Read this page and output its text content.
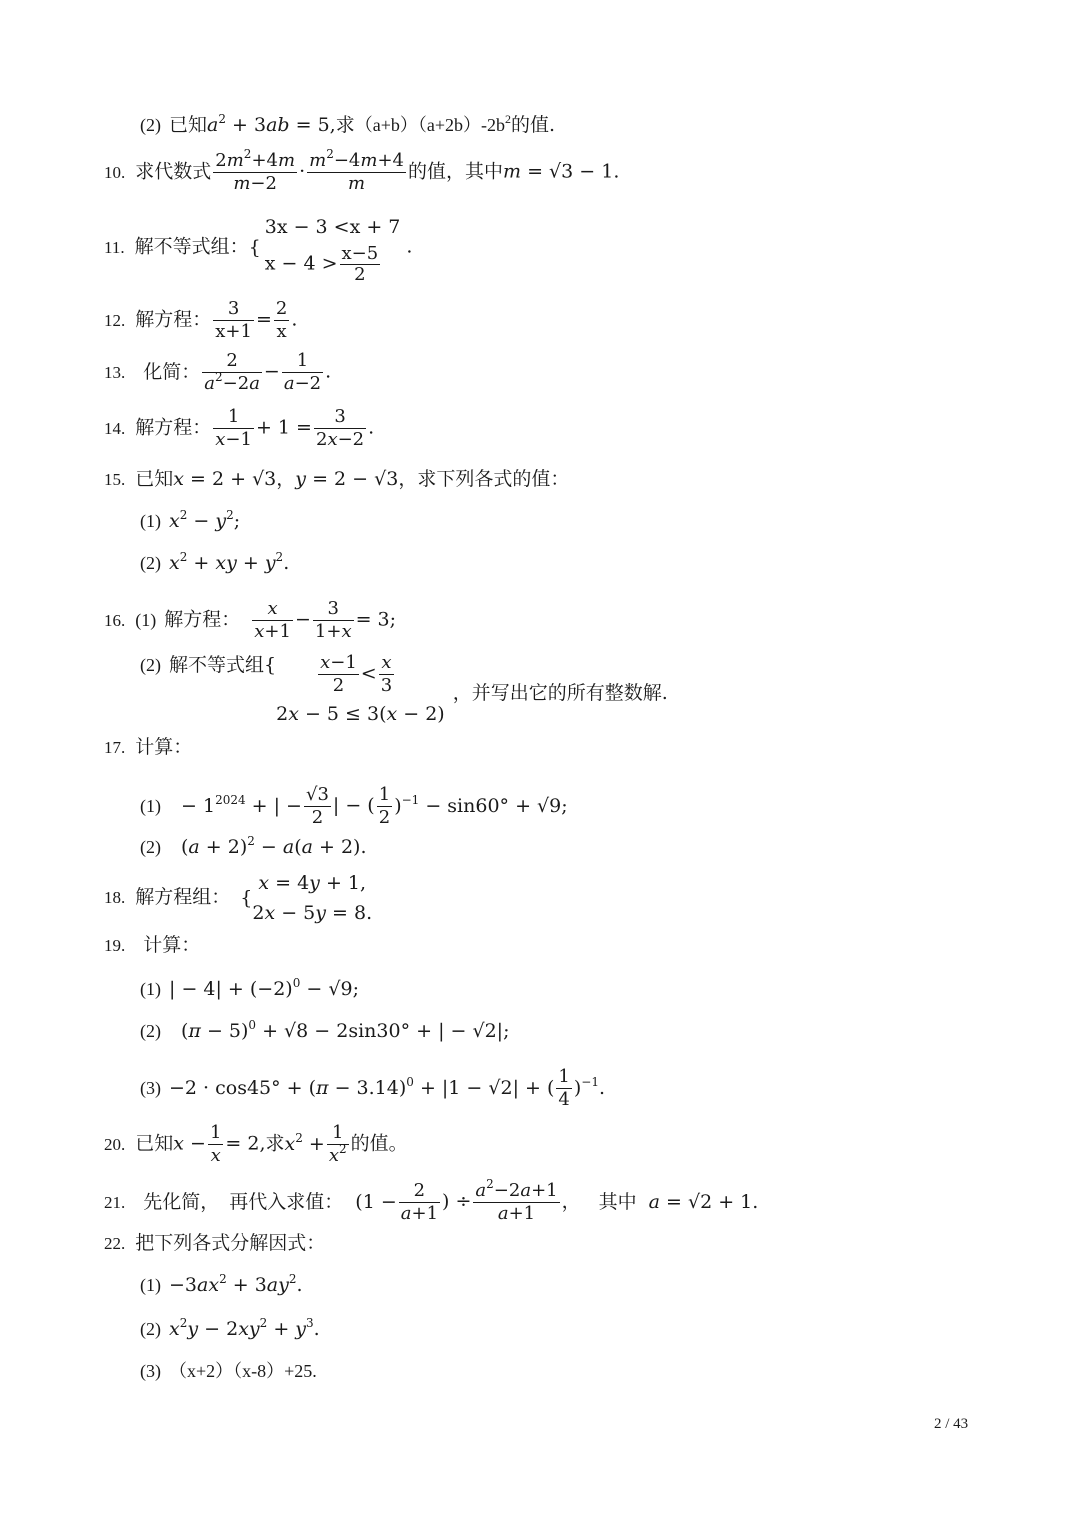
(2) 已知$a^2 + 3ab = 5$,求$(a+b)(a+2b)-2b^2$的值.
10. 求代数式 $\frac{2m^2+4m}{m-2} \cdot \frac{m^2-4m+4}{m}$ 的值，其中m = √3 − 1.
11. 解不等式组：{
3x − 3 <x + 7
$x - 4 > \frac{x-5}{2}$ .
12. 解方程： $\frac{3}{x+1} = \frac{2}{x}$ .
13. 化简： $\frac{2}{a^2-2a} - \frac{1}{a-2}$ .
14. 解方程： $\frac{1}{x-1} + 1 = \frac{3}{2x-2}$ .
15. 已知x = 2 + √3，y = 2 − √3，求下列各式的值：
(1) $x^2 - y^2$;
(2) $x^2$ + xy + $y^2$.
16. (1) 解方程： $\frac{x}{x+1} - \frac{3}{1+x} = 3$;
(2) 解不等式组{ $\frac{x-1}{2} < \frac{x}{3}$
2x − 5 ≤ 3(x − 2)
，并写出它的所有整数解.
17. 计算：
$(1) - 1^{2024}$ + | − $\frac{√3}{2}$ | − ( $\frac{1}{2} )^{-1} - \sin 60^\circ + √9$;
(2) $(a + 2)^2 - a(a + 2)$.
18. 解方程组： {
x = 4y + 1,
2x − 5y = 8.
19. 计算：
(1) | − $4| + (-2)^0 - √9$;
(2) $(\pi - 5)^0 + √8 - 2\sin 30^\circ$ + | − √2|;
$(3) -2 \cdot \cos 45^\circ + (\pi - 3.14)^0 + |1 - √2|$ + ( $\frac{1}{4} )^{-1}$.
20. 已知$x - \frac{1}{x} = 2$,求$x^2 + \frac{1}{x^2}$ 的值。
21. 先化简， 再代入求值： ($1 - \frac{2}{a+1}$ ) ÷ $\frac{a^2-2a+1}{a+1}$ ， 其中 a = √2 + 1.
22. 把下列各式分解因式：
$(1) -3ax^2 + 3ay^2$.
(2) $x^2y - 2xy^2 + y^3$.
(3) （x+2）（x-8）+25.
2 / 43
